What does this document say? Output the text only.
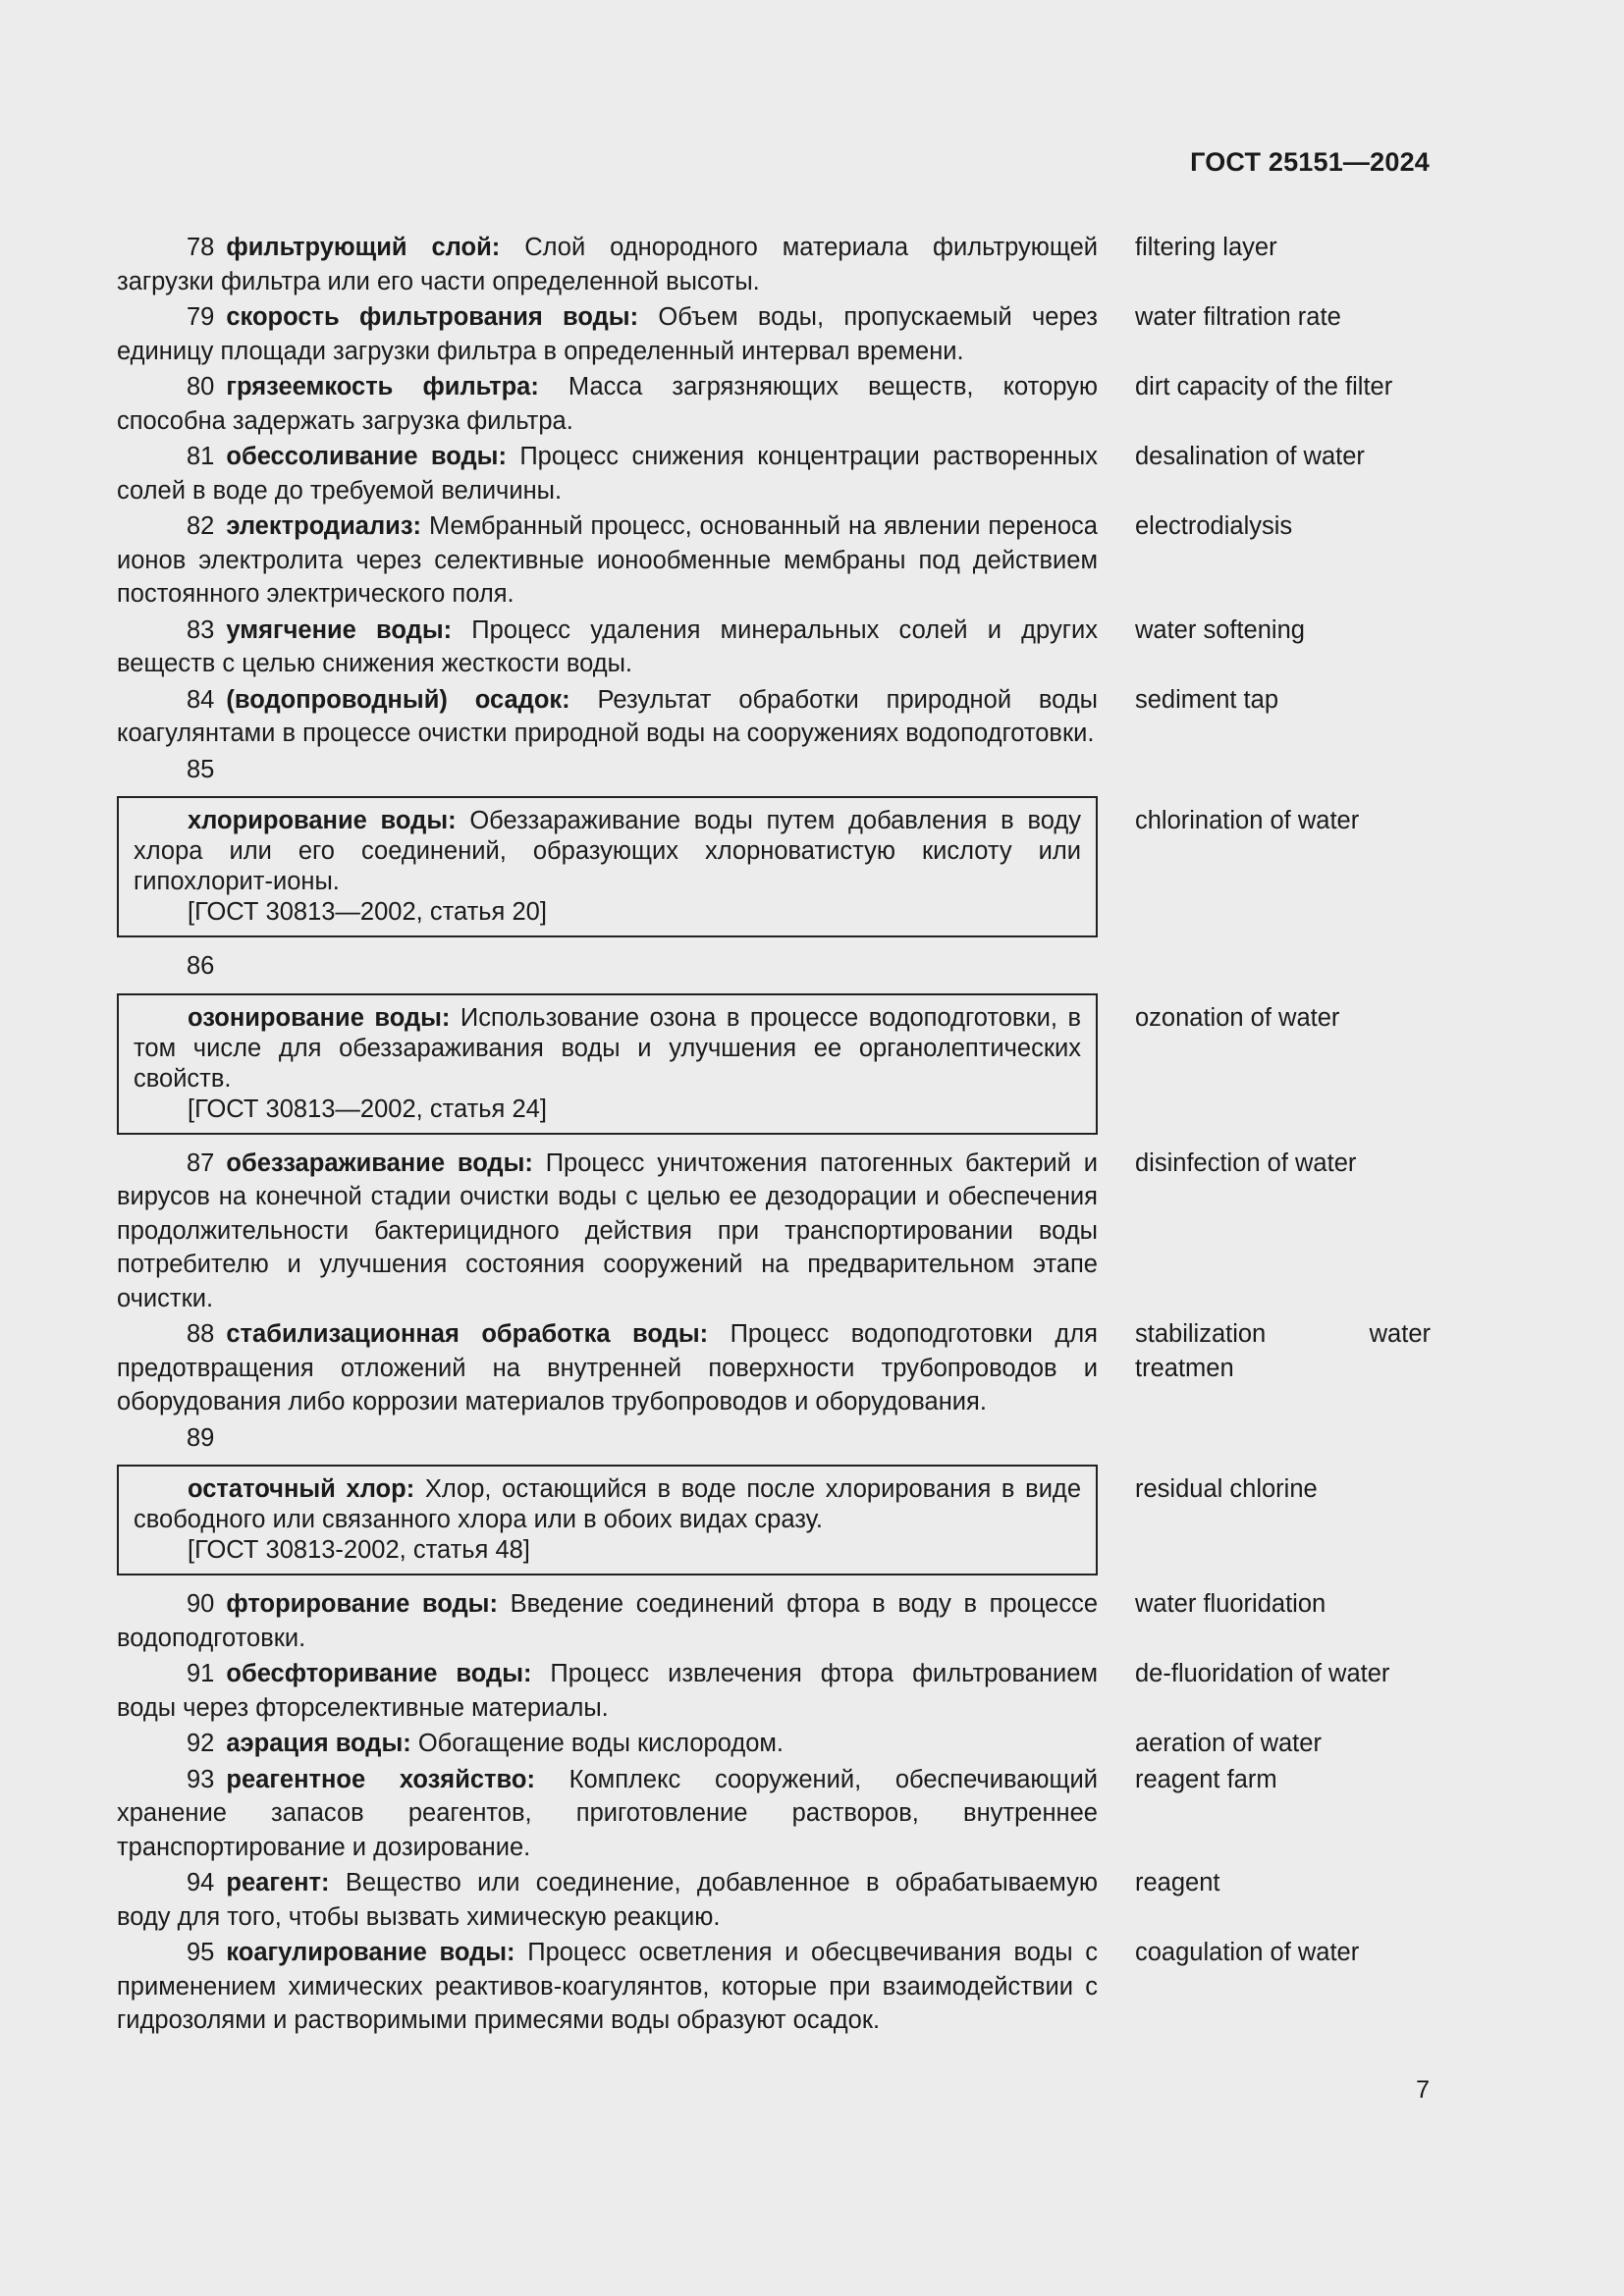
ГОСТ 25151—2024
78 фильтрующий слой: Слой однородного материала фильтрующей загрузки фильтра или его части определенной высоты.
filtering layer
79 скорость фильтрования воды: Объем воды, пропускаемый через единицу площади загрузки фильтра в определенный интервал времени.
water filtration rate
80 грязеемкость фильтра: Масса загрязняющих веществ, которую способна задержать загрузка фильтра.
dirt capacity of the filter
81 обессоливание воды: Процесс снижения концентрации растворенных солей в воде до требуемой величины.
desalination of water
82 электродиализ: Мембранный процесс, основанный на явлении переноса ионов электролита через селективные ионообменные мембраны под действием постоянного электрического поля.
electrodialysis
83 умягчение воды: Процесс удаления минеральных солей и других веществ с целью снижения жесткости воды.
water softening
84 (водопроводный) осадок: Результат обработки природной воды коагулянтами в процессе очистки природной воды на сооружениях водоподготовки.
sediment tap
85
хлорирование воды: Обеззараживание воды путем добавления в воду хлора или его соединений, образующих хлорноватистую кислоту или гипохлорит-ионы.
[ГОСТ 30813—2002, статья 20]
chlorination of water
86
озонирование воды: Использование озона в процессе водоподготовки, в том числе для обеззараживания воды и улучшения ее органолептических свойств.
[ГОСТ 30813—2002, статья 24]
ozonation of water
87 обеззараживание воды: Процесс уничтожения патогенных бактерий и вирусов на конечной стадии очистки воды с целью ее дезодорации и обеспечения продолжительности бактерицидного действия при транспортировании воды потребителю и улучшения состояния сооружений на предварительном этапе очистки.
disinfection of water
88 стабилизационная обработка воды: Процесс водоподготовки для предотвращения отложений на внутренней поверхности трубопроводов и оборудования либо коррозии материалов трубопроводов и оборудования.
stabilization water treatmen
89
остаточный хлор: Хлор, остающийся в воде после хлорирования в виде свободного или связанного хлора или в обоих видах сразу.
[ГОСТ 30813-2002, статья 48]
residual chlorine
90 фторирование воды: Введение соединений фтора в воду в процессе водоподготовки.
water fluoridation
91 обесфторивание воды: Процесс извлечения фтора фильтрованием воды через фторселективные материалы.
de-fluoridation of water
92 аэрация воды: Обогащение воды кислородом.	aeration of water
93 реагентное хозяйство: Комплекс сооружений, обеспечивающий хранение запасов реагентов, приготовление растворов, внутреннее транспортирование и дозирование.
reagent farm
94 реагент: Вещество или соединение, добавленное в обрабатываемую воду для того, чтобы вызвать химическую реакцию.
reagent
95 коагулирование воды: Процесс осветления и обесцвечивания воды с применением химических реактивов-коагулянтов, которые при взаимодействии с гидрозолями и растворимыми примесями воды образуют осадок.
coagulation of water
7
